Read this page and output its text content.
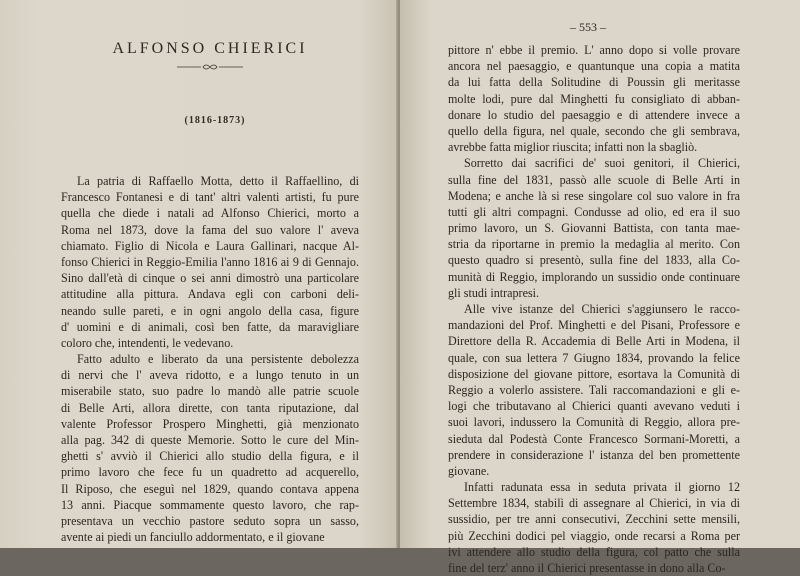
ALFONSO CHIERICI
(1816-1873)
La patria di Raffaello Motta, detto il Raffaellino, di
Francesco Fontanesi e di tant' altri valenti artisti, fu pure
quella che diede i natali ad Alfonso Chierici, morto a
Roma nel 1873, dove la fama del suo valore l' aveva
chiamato. Figlio di Nicola e Laura Gallinari, nacque Al-
fonso Chierici in Reggio-Emilia l'anno 1816 ai 9 di Gennajo.
Sino dall'età di cinque o sei anni dimostrò una particolare
attitudine alla pittura. Andava egli con carboni deli-
neando sulle pareti, e in ogni angolo della casa, figure
d' uomini e di animali, così ben fatte, da maravigliare
coloro che, intendenti, le vedevano.
Fatto adulto e liberato da una persistente debolezza
di nervi che l' aveva ridotto, e a lungo tenuto in un
miserabile stato, suo padre lo mandò alle patrie scuole
di Belle Arti, allora dirette, con tanta riputazione, dal
valente Professor Prospero Minghetti, già menzionato
alla pag. 342 di queste Memorie. Sotto le cure del Min-
ghetti s' avviò il Chierici allo studio della figura, e il
primo lavoro che fece fu un quadretto ad acquerello,
Il Riposo, che eseguì nel 1829, quando contava appena
13 anni. Piacque sommamente questo lavoro, che rap-
presentava un vecchio pastore seduto sopra un sasso,
avente ai piedi un fanciullo addormentato, e il giovane
– 553 –
pittore n' ebbe il premio. L' anno dopo si volle provare
ancora nel paesaggio, e quantunque una copia a matita
da lui fatta della Solitudine di Poussin gli meritasse
molte lodi, pure dal Minghetti fu consigliato di abban-
donare lo studio del paesaggio e di attendere invece a
quello della figura, nel quale, secondo che gli sembrava,
avrebbe fatta miglior riuscita; infatti non la sbagliò.
Sorretto dai sacrifici de' suoi genitori, il Chierici,
sulla fine del 1831, passò alle scuole di Belle Arti in
Modena; e anche là si rese singolare col suo valore in fra
tutti gli altri compagni. Condusse ad olio, ed era il suo
primo lavoro, un S. Giovanni Battista, con tanta mae-
stria da riportarne in premio la medaglia al merito. Con
questo quadro si presentò, sulla fine del 1833, alla Co-
munità di Reggio, implorando un sussidio onde continuare
gli studi intrapresi.
Alle vive istanze del Chierici s'aggiunsero le racco-
mandazioni del Prof. Minghetti e del Pisani, Professore e
Direttore della R. Accademia di Belle Arti in Modena, il
quale, con sua lettera 7 Giugno 1834, provando la felice
disposizione del giovane pittore, esortava la Comunità di
Reggio a volerlo assistere. Tali raccomandazioni e gli e-
logi che tributavano al Chierici quanti avevano veduti i
suoi lavori, indussero la Comunità di Reggio, allora pre-
sieduta dal Podestà Conte Francesco Sormani-Moretti, a
prendere in considerazione l' istanza del ben promettente
giovane.
Infatti radunata essa in seduta privata il giorno 12
Settembre 1834, stabilì di assegnare al Chierici, in via di
sussidio, per tre anni consecutivi, Zecchini sette mensili,
più Zecchini dodici pel viaggio, onde recarsi a Roma per
ivi attendere allo studio della figura, col patto che sulla
fine del terz' anno il Chierici presentasse in dono alla Co-
